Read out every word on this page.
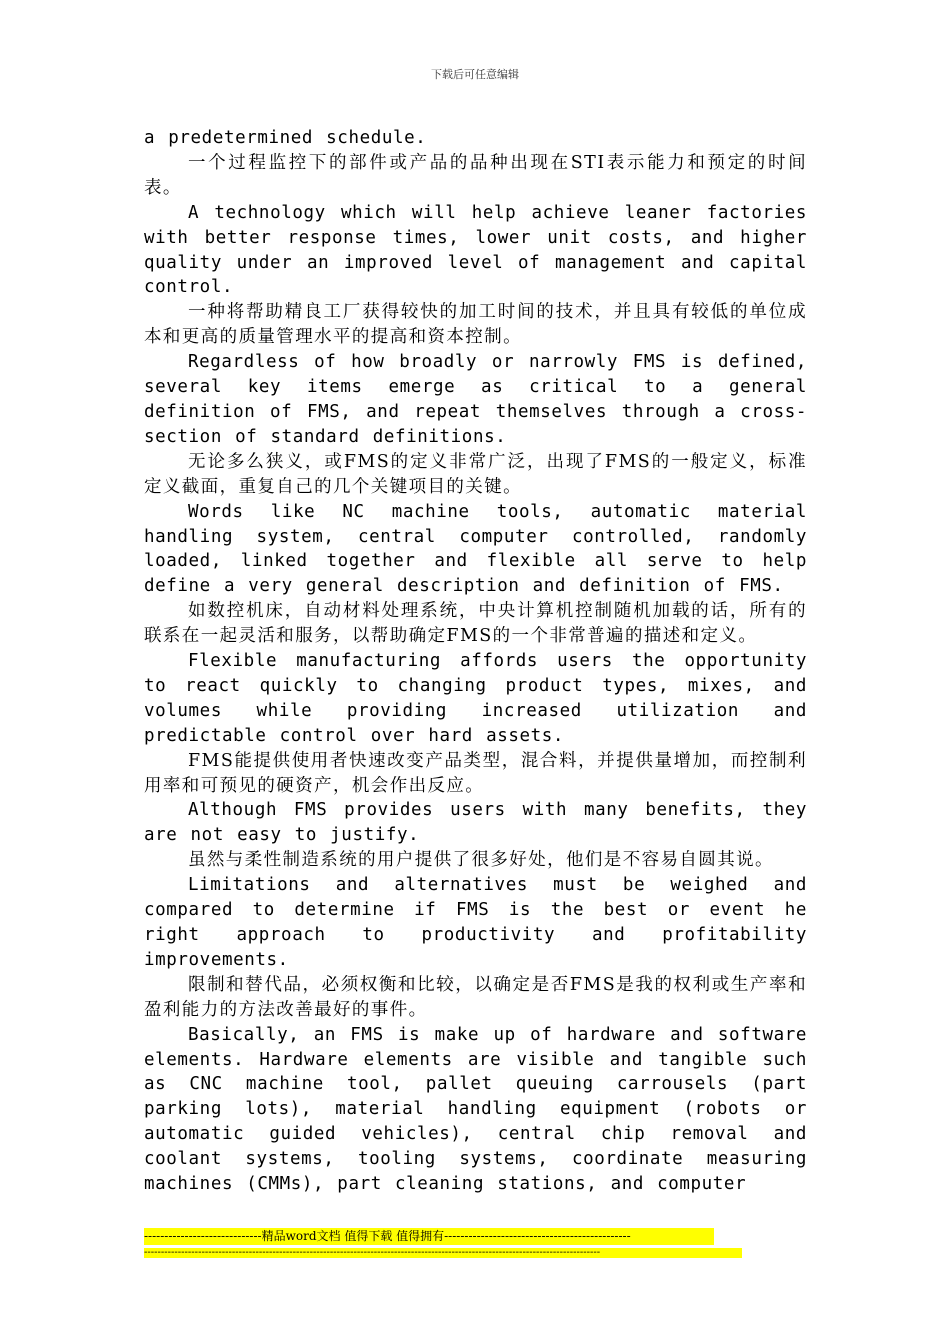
下载后可任意编辑

a predetermined schedule.

一个过程监控下的部件或产品的品种出现在STI表示能力和预定的时间表。

A technology which will help achieve leaner factories with better response times, lower unit costs, and higher quality under an improved level of management and capital control.

一种将帮助精良工厂获得较快的加工时间的技术，并且具有较低的单位成本和更高的质量管理水平的提高和资本控制。

Regardless of how broadly or narrowly FMS is defined, several key items emerge as critical to a general definition of FMS, and repeat themselves through a cross-section of standard definitions.

无论多么狭义，或FMS的定义非常广泛，出现了FMS的一般定义，标准定义截面，重复自己的几个关键项目的关键。

Words like NC machine tools, automatic material handling system, central computer controlled, randomly loaded, linked together and flexible all serve to help define a very general description and definition of FMS.

如数控机床，自动材料处理系统，中央计算机控制随机加载的话，所有的联系在一起灵活和服务，以帮助确定FMS的一个非常普遍的描述和定义。

Flexible manufacturing affords users the opportunity to react quickly to changing product types, mixes, and volumes while providing increased utilization and predictable control over hard assets.

FMS能提供使用者快速改变产品类型，混合料，并提供量增加，而控制利用率和可预见的硬资产，机会作出反应。

Although FMS provides users with many benefits, they are not easy to justify.

虽然与柔性制造系统的用户提供了很多好处，他们是不容易自圆其说。

Limitations and alternatives must be weighed and compared to determine if FMS is the best or event he right approach to productivity and profitability improvements.

限制和替代品，必须权衡和比较，以确定是否FMS是我的权利或生产率和盈利能力的方法改善最好的事件。

Basically, an FMS is make up of hardware and software elements. Hardware elements are visible and tangible such as CNC machine tool, pallet queuing carrousels (part parking lots), material handling equipment (robots or automatic guided vehicles), central chip removal and coolant systems, tooling systems, coordinate measuring machines (CMMs), part cleaning stations, and computer

-----------------------------精品word文档 值得下载 值得拥有----------------------------------------------
---------------------------------------------------------------------------------------------------------------------------------------
